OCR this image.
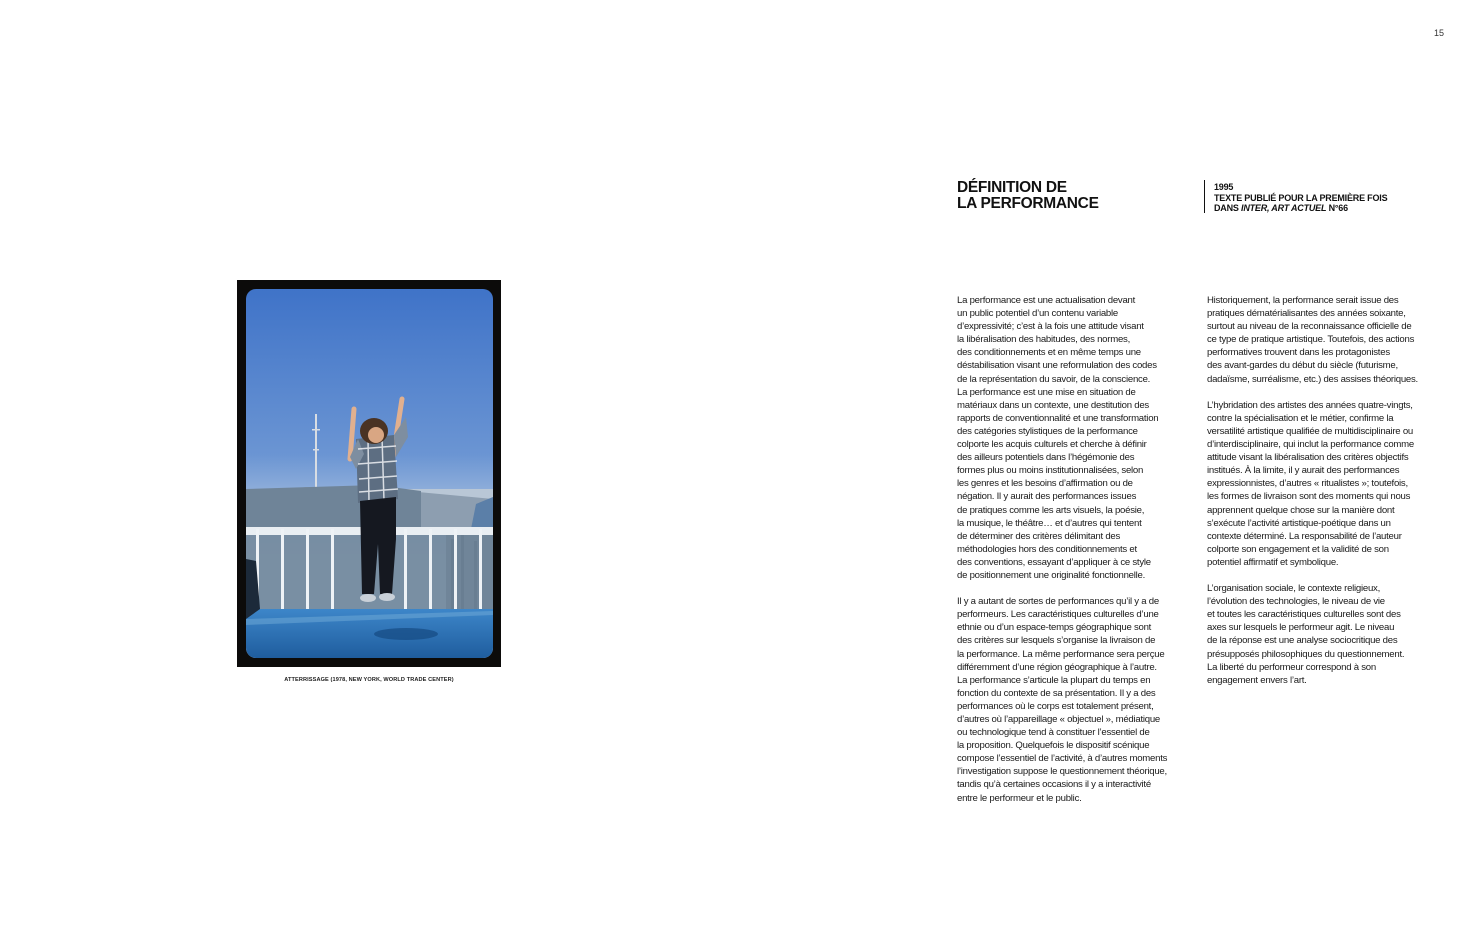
15
ATTERRISSAGE (1978, NEW YORK, WORLD TRADE CENTER)
DÉFINITION DE
LA PERFORMANCE
1995
TEXTE PUBLIÉ POUR LA PREMIÈRE FOIS
DANS INTER, ART ACTUEL N°66

La performance est une actualisation devant
un public potentiel d’un contenu variable
d’expressivité; c’est à la fois une attitude visant
la libéralisation des habitudes, des normes,
des conditionnements et en même temps une
déstabilisation visant une reformulation des codes
de la représentation du savoir, de la conscience.
La performance est une mise en situation de
matériaux dans un contexte, une destitution des
rapports de conventionnalité et une transformation
des catégories stylistiques de la performance
colporte les acquis culturels et cherche à définir
des ailleurs potentiels dans l’hégémonie des
formes plus ou moins institutionnalisées, selon
les genres et les besoins d’affirmation ou de
négation. Il y aurait des performances issues
de pratiques comme les arts visuels, la poésie,
la musique, le théâtre… et d’autres qui tentent
de déterminer des critères délimitant des
méthodologies hors des conditionnements et
des conventions, essayant d’appliquer à ce style
de positionnement une originalité fonctionnelle.

Il y a autant de sortes de performances qu’il y a de
performeurs. Les caractéristiques culturelles d’une
ethnie ou d’un espace-temps géographique sont
des critères sur lesquels s’organise la livraison de
la performance. La même performance sera perçue
différemment d’une région géographique à l’autre.
La performance s’articule la plupart du temps en
fonction du contexte de sa présentation. Il y a des
performances où le corps est totalement présent,
d’autres où l’appareillage « objectuel », médiatique
ou technologique tend à constituer l’essentiel de
la proposition. Quelquefois le dispositif scénique
compose l’essentiel de l’activité, à d’autres moments
l’investigation suppose le questionnement théorique,
tandis qu’à certaines occasions il y a interactivité
entre le performeur et le public.

Historiquement, la performance serait issue des
pratiques dématérialisantes des années soixante,
surtout au niveau de la reconnaissance officielle de
ce type de pratique artistique. Toutefois, des actions
performatives trouvent dans les protagonistes
des avant-gardes du début du siècle (futurisme,
dadaïsme, surréalisme, etc.) des assises théoriques.

L’hybridation des artistes des années quatre-vingts,
contre la spécialisation et le métier, confirme la
versatilité artistique qualifiée de multidisciplinaire ou
d’interdisciplinaire, qui inclut la performance comme
attitude visant la libéralisation des critères objectifs
institués. À la limite, il y aurait des performances
expressionnistes, d’autres « ritualistes »; toutefois,
les formes de livraison sont des moments qui nous
apprennent quelque chose sur la manière dont
s’exécute l’activité artistique-poétique dans un
contexte déterminé. La responsabilité de l’auteur
colporte son engagement et la validité de son
potentiel affirmatif et symbolique.

L’organisation sociale, le contexte religieux,
l’évolution des technologies, le niveau de vie
et toutes les caractéristiques culturelles sont des
axes sur lesquels le performeur agit. Le niveau
de la réponse est une analyse sociocritique des
présupposés philosophiques du questionnement.
La liberté du performeur correspond à son
engagement envers l’art.
